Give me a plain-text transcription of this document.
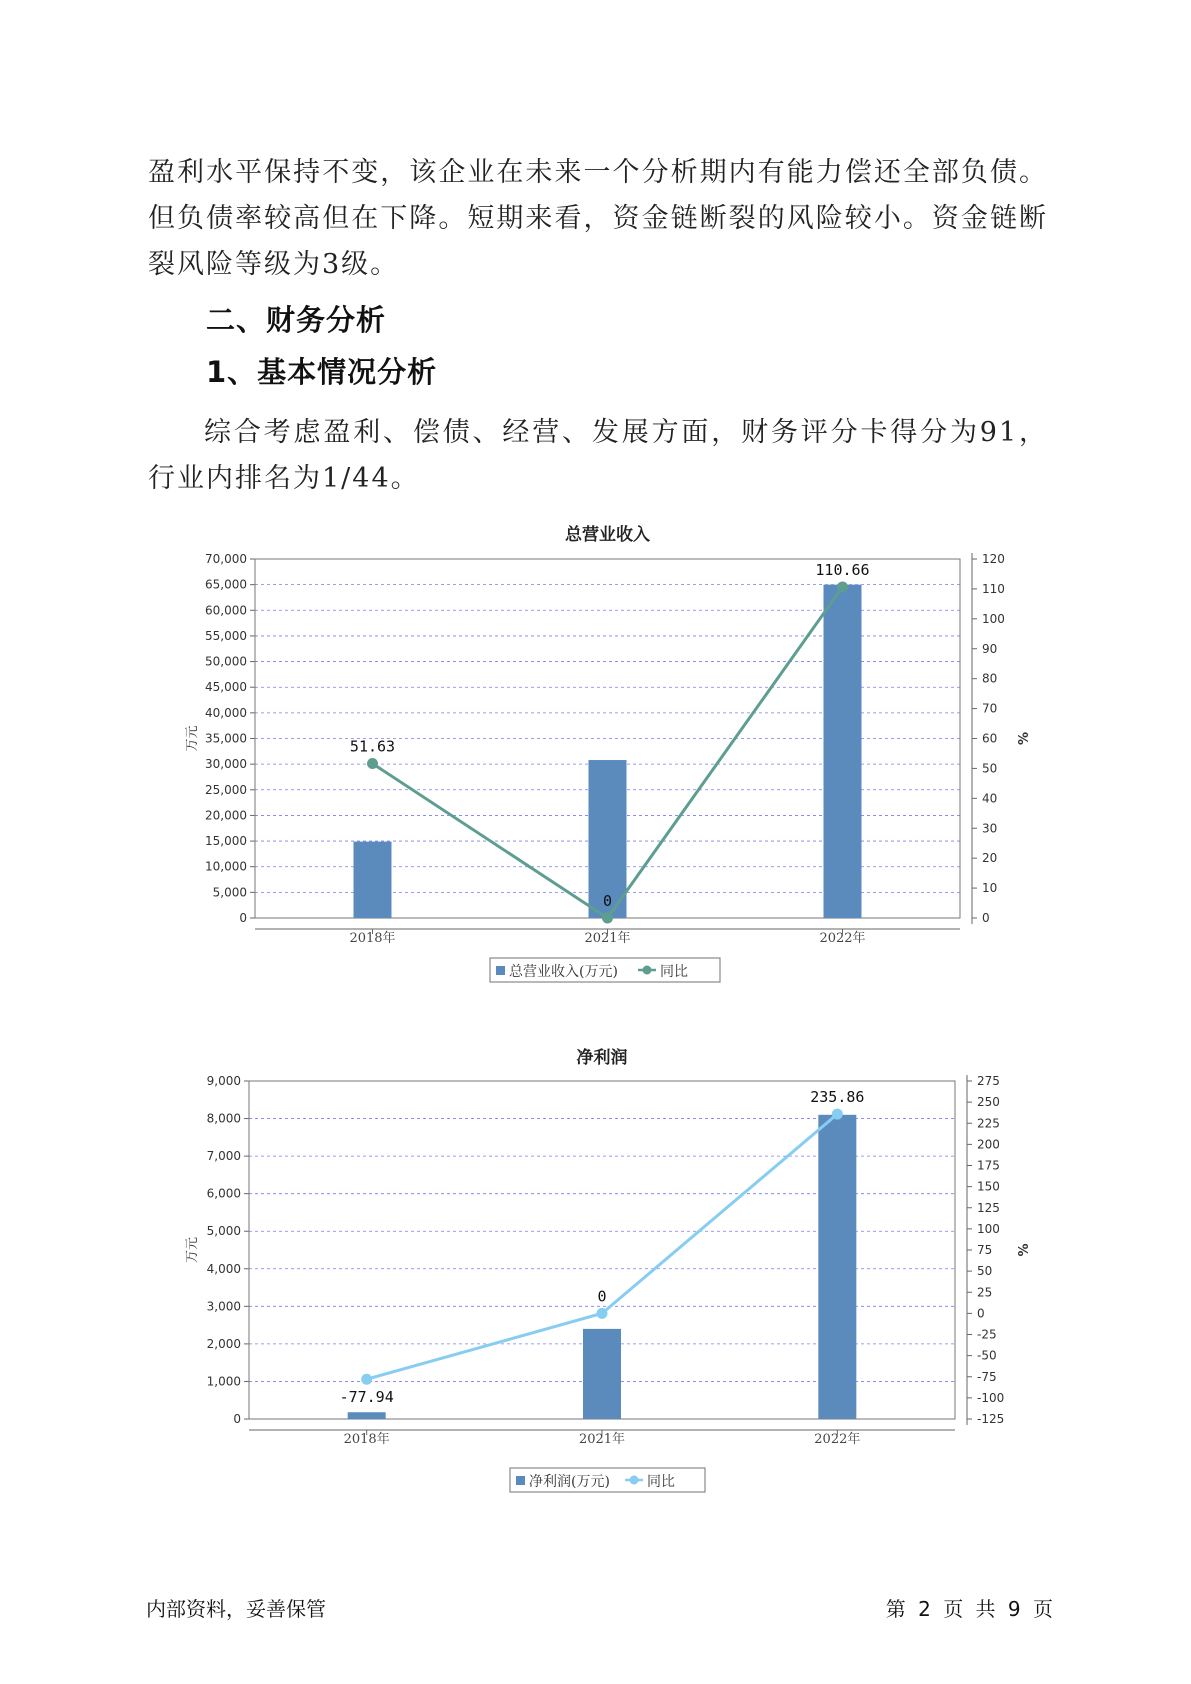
盈利水平保持不变，该企业在未来一个分析期内有能力偿还全部负债。但负债率较高但在下降。短期来看，资金链断裂的风险较小。资金链断裂风险等级为3级。

二、财务分析
1、基本情况分析

综合考虑盈利、偿债、经营、发展方面，财务评分卡得分为91，行业内排名为1/44。

总营业收入
0
5,000
10,000
15,000
20,000
25,000
30,000
35,000
40,000
45,000
50,000
55,000
60,000
65,000
70,000
0
10
20
30
40
50
60
70
80
90
100
110
120
万元	%
2018年	2021年	2022年
51.63
0
110.66
总营业收入(万元)	同比
净利润
0
1,000
2,000
3,000
4,000
5,000
6,000
7,000
8,000
9,000
-125
-100
-75
-50
-25
0
25
50
75
100
125
150
175
200
225
250
275
万元	%
2018年	2021年	2022年
-77.94
0
235.86
净利润(万元)	同比
内部资料，妥善保管	第 2 页 共 9 页
